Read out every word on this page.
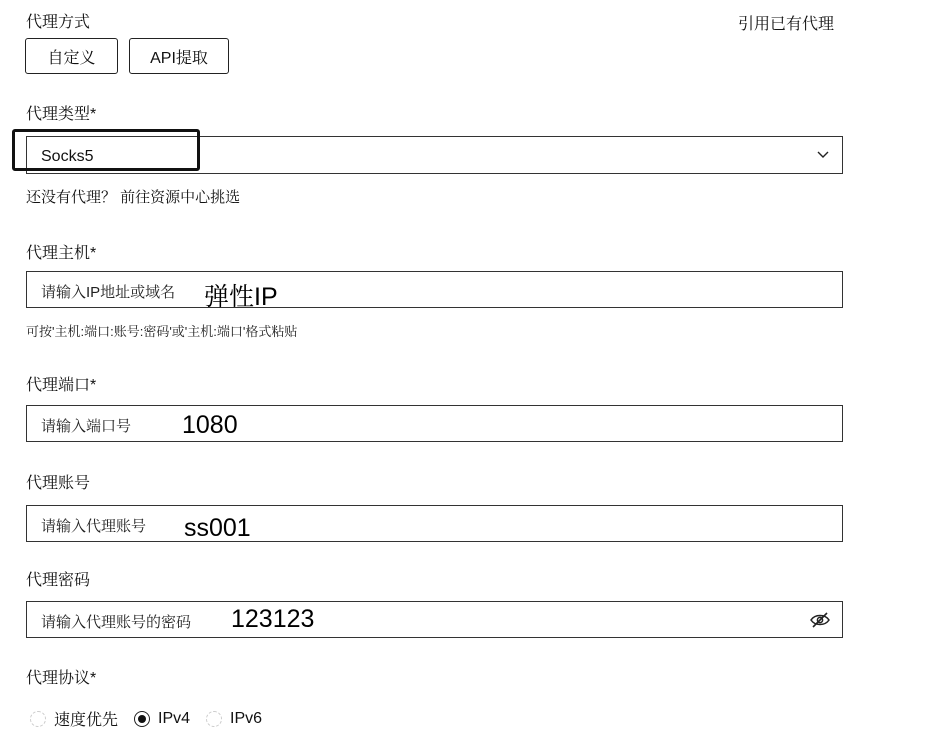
代理方式	引用已有代理
自定义	API提取
代理类型*
Socks5
还没有代理？ 前往资源中心挑选
代理主机*
请输入IP地址或域名 弹性IP
可按'主机:端口:账号:密码'或'主机:端口'格式粘贴
代理端口*
请输入端口号 1080
代理账号
请输入代理账号 ss001
代理密码
请输入代理账号的密码 123123
代理协议*
速度优先	IPv4	IPv6
